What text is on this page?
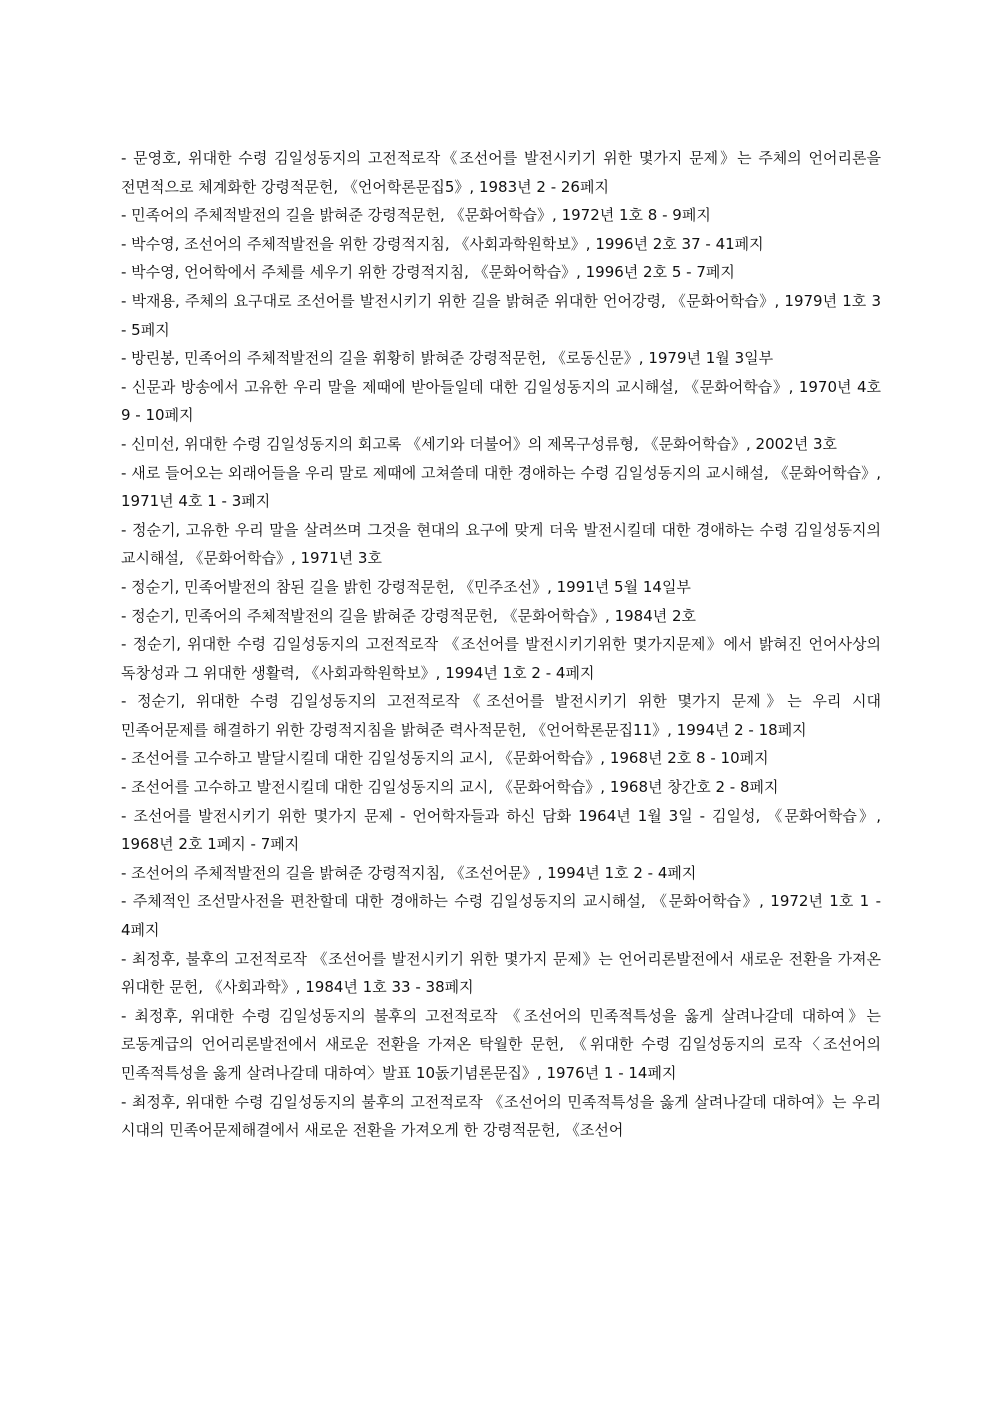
- 문영호, 위대한 수령 김일성동지의 고전적로작《조선어를 발전시키기 위한 몇가지 문제》는 주체의 언어리론을 전면적으로 체계화한 강령적문헌, 《언어학론문집5》, 1983년 2 - 26페지

- 민족어의 주체적발전의 길을 밝혀준 강령적문헌, 《문화어학습》, 1972년 1호 8 - 9페지

- 박수영, 조선어의 주체적발전을 위한 강령적지침, 《사회과학원학보》, 1996년 2호 37 - 41페지

- 박수영, 언어학에서 주체를 세우기 위한 강령적지침, 《문화어학습》, 1996년 2호 5 - 7페지

- 박재용, 주체의 요구대로 조선어를 발전시키기 위한 길을 밝혀준 위대한 언어강령, 《문화어학습》, 1979년 1호 3 - 5페지

- 방린봉, 민족어의 주체적발전의 길을 휘황히 밝혀준 강령적문헌, 《로동신문》, 1979년 1월 3일부

- 신문과 방송에서 고유한 우리 말을 제때에 받아들일데 대한 김일성동지의 교시해설, 《문화어학습》, 1970년 4호 9 - 10페지

- 신미선, 위대한 수령 김일성동지의 회고록 《세기와 더불어》의 제목구성류형, 《문화어학습》, 2002년 3호

- 새로 들어오는 외래어들을 우리 말로 제때에 고쳐쓸데 대한 경애하는 수령 김일성동지의 교시해설, 《문화어학습》, 1971년 4호 1 - 3페지

- 정순기, 고유한 우리 말을 살려쓰며 그것을 현대의 요구에 맞게 더욱 발전시킬데 대한 경애하는 수령 김일성동지의 교시해설, 《문화어학습》, 1971년 3호

- 정순기, 민족어발전의 참된 길을 밝힌 강령적문헌, 《민주조선》, 1991년 5월 14일부

- 정순기, 민족어의 주체적발전의 길을 밝혀준 강령적문헌, 《문화어학습》, 1984년 2호

- 정순기, 위대한 수령 김일성동지의 고전적로작 《조선어를 발전시키기위한 몇가지문제》에서 밝혀진 언어사상의 독창성과 그 위대한 생활력, 《사회과학원학보》, 1994년 1호 2 - 4페지

- 정순기, 위대한 수령 김일성동지의 고전적로작《조선어를 발전시키기 위한 몇가지 문제》는 우리 시대 민족어문제를 해결하기 위한 강령적지침을 밝혀준 력사적문헌, 《언어학론문집11》, 1994년 2 - 18페지

- 조선어를 고수하고 발달시킬데 대한 김일성동지의 교시, 《문화어학습》, 1968년 2호 8 - 10페지

- 조선어를 고수하고 발전시킬데 대한 김일성동지의 교시, 《문화어학습》, 1968년 창간호 2 - 8페지

- 조선어를 발전시키기 위한 몇가지 문제 - 언어학자들과 하신 담화 1964년 1월 3일 - 김일성, 《문화어학습》, 1968년 2호 1페지 - 7페지

- 조선어의 주체적발전의 길을 밝혀준 강령적지침, 《조선어문》, 1994년 1호 2 - 4페지

- 주체적인 조선말사전을 편찬할데 대한 경애하는 수령 김일성동지의 교시해설, 《문화어학습》, 1972년 1호 1 - 4페지

- 최정후, 불후의 고전적로작 《조선어를 발전시키기 위한 몇가지 문제》는 언어리론발전에서 새로운 전환을 가져온 위대한 문헌, 《사회과학》, 1984년 1호 33 - 38페지

- 최정후, 위대한 수령 김일성동지의 불후의 고전적로작 《조선어의 민족적특성을 옳게 살려나갈데 대하여》는 로동계급의 언어리론발전에서 새로운 전환을 가져온 탁월한 문헌, 《위대한 수령 김일성동지의 로작〈조선어의 민족적특성을 옳게 살려나갈데 대하여〉발표 10돐기념론문집》, 1976년 1 - 14페지

- 최정후, 위대한 수령 김일성동지의 불후의 고전적로작 《조선어의 민족적특성을 옳게 살려나갈데 대하여》는 우리 시대의 민족어문제해결에서 새로운 전환을 가져오게 한 강령적문헌, 《조선어
